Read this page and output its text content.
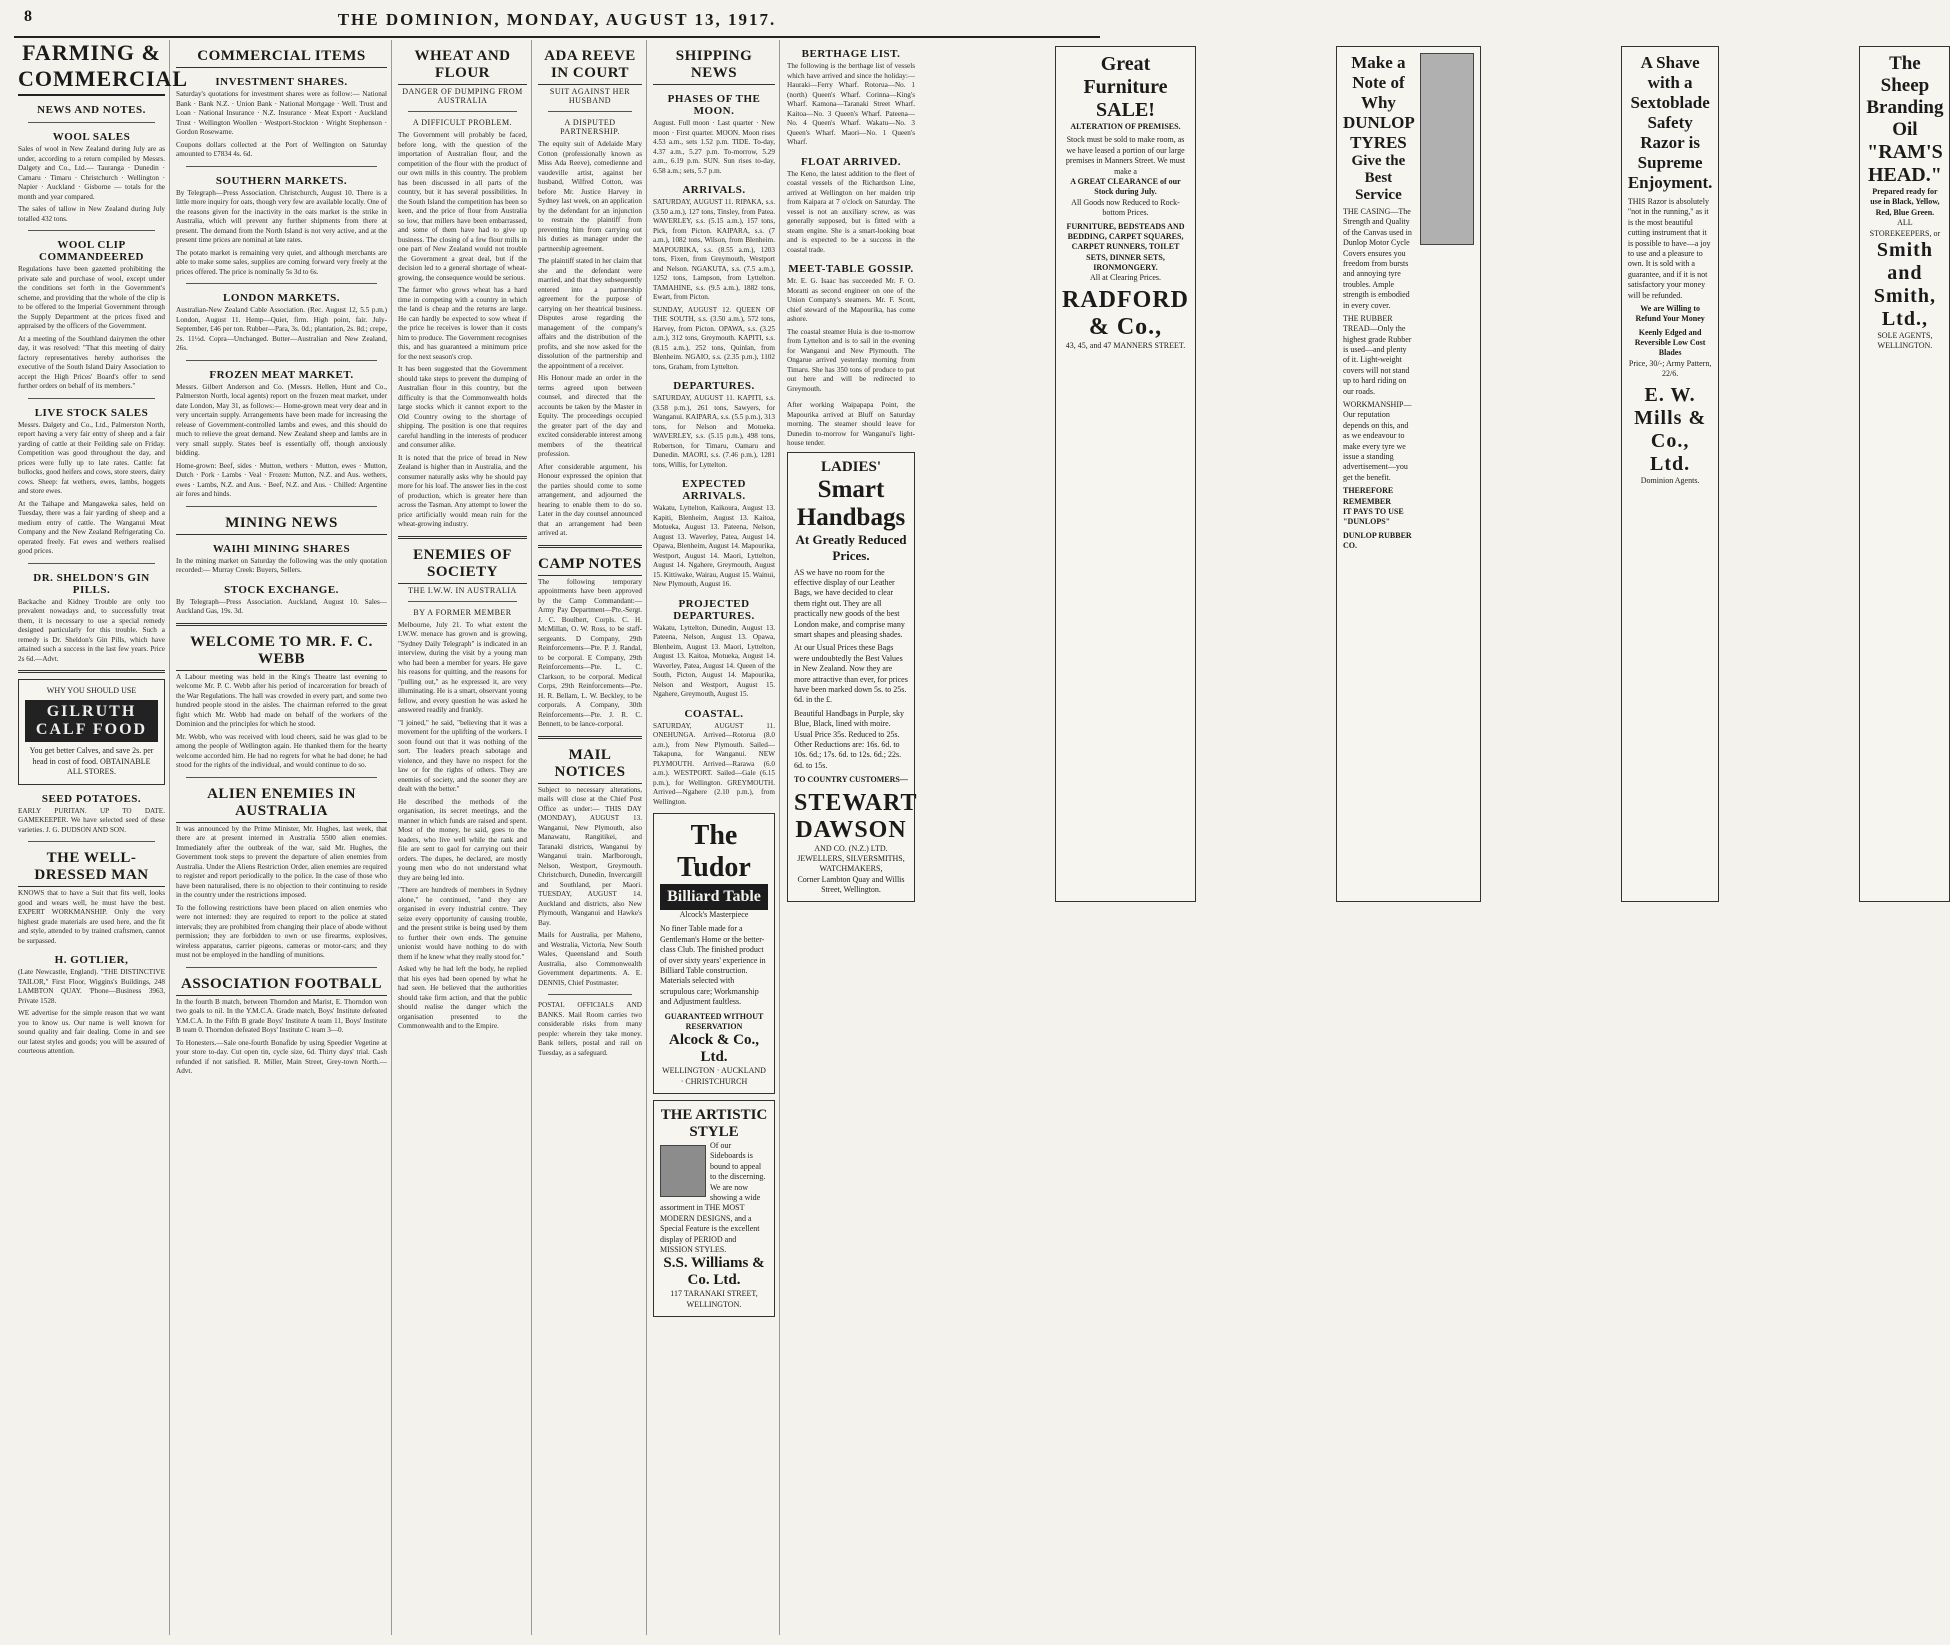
8	THE DOMINION, MONDAY, AUGUST 13, 1917.
FARMING & COMMERCIAL
NEWS AND NOTES.
WOOL SALES
Sales of wool in New Zealand during July are as under, according to a return compiled by Messrs. Dalgety and Co., Ltd.— Tauranga · Dunedin · Camaru · Timaru · Christchurch · Wellington · Napier · Auckland · Gisborne — totals for the month and year compared.
The sales of tallow in New Zealand during July totalled 432 tons.
WOOL CLIP COMMANDEERED
Regulations have been gazetted prohibiting the private sale and purchase of wool, except under the conditions set forth in the Government's scheme, and providing that the whole of the clip is to be offered to the Imperial Government through the Supply Department at the prices fixed and appraised by the officers of the Government.
At a meeting of the Southland dairymen the other day, it was resolved: "That this meeting of dairy factory representatives hereby authorises the executive of the South Island Dairy Association to accept the High Prices' Board's offer to send further orders on behalf of its members."
LIVE STOCK SALES
Messrs. Dalgety and Co., Ltd., Palmerston North, report having a very fair entry of sheep and a fair yarding of cattle at their Feilding sale on Friday. Competition was good throughout the day, and prices were fully up to late rates. Cattle: fat bullocks, good heifers and cows, store steers, dairy cows. Sheep: fat wethers, ewes, lambs, hoggets and store ewes.
At the Taihape and Mangaweka sales, held on Tuesday, there was a fair yarding of sheep and a medium entry of cattle. The Wanganui Meat Company and the New Zealand Refrigerating Co. operated freely. Fat ewes and wethers realised good prices.
DR. SHELDON'S GIN PILLS.
Backache and Kidney Trouble are only too prevalent nowadays and, to successfully treat them, it is necessary to use a special remedy designed particularly for this trouble. Such a remedy is Dr. Sheldon's Gin Pills, which have attained such a success in the last few years. Price 2s 6d.—Advt.
WHY YOU SHOULD USE
GILRUTH CALF FOOD
You get better Calves, and save 2s. per head in cost of food. OBTAINABLE ALL STORES.
SEED POTATOES.
EARLY PURITAN. UP TO DATE. GAMEKEEPER. We have selected seed of these varieties. J. G. DUDSON AND SON.
THE WELL-DRESSED MAN
KNOWS that to have a Suit that fits well, looks good and wears well, he must have the best. EXPERT WORKMANSHIP. Only the very highest grade materials are used here, and the fit and style, attended to by trained craftsmen, cannot be surpassed.
H. GOTLIER,
(Late Newcastle, England). "THE DISTINCTIVE TAILOR," First Floor, Wiggins's Buildings, 248 LAMBTON QUAY. 'Phone—Business 3963, Private 1528.
WE advertise for the simple reason that we want you to know us. Our name is well known for sound quality and fair dealing. Come in and see our latest styles and goods; you will be assured of courteous attention.
COMMERCIAL ITEMS
INVESTMENT SHARES.
Saturday's quotations for investment shares were as follow:— National Bank · Bank N.Z. · Union Bank · National Mortgage · Well. Trust and Loan · National Insurance · N.Z. Insurance · Meat Export · Auckland Trust · Wellington Woollen · Westport-Stockton · Wright Stephenson · Gordon Rosewarne.
Coupons dollars collected at the Port of Wellington on Saturday amounted to £7834 4s. 6d.
SOUTHERN MARKETS.
By Telegraph—Press Association. Christchurch, August 10. There is a little more inquiry for oats, though very few are available locally. One of the reasons given for the inactivity in the oats market is the strike in Australia, which will prevent any further shipments from there at present. The demand from the North Island is not very active, and at the present time prices are nominal at late rates.
The potato market is remaining very quiet, and although merchants are able to make some sales, supplies are coming forward very freely at the prices offered. The price is nominally 5s 3d to 6s.
LONDON MARKETS.
Australian-New Zealand Cable Association. (Rec. August 12, 5.5 p.m.) London, August 11. Hemp—Quiet, firm. High point, fair. July-September, £46 per ton. Rubber—Para, 3s. 0d.; plantation, 2s. 8d.; crepe, 2s. 11½d. Copra—Unchanged. Butter—Australian and New Zealand, 26s.
FROZEN MEAT MARKET.
Messrs. Gilbert Anderson and Co. (Messrs. Hellen, Hunt and Co., Palmerston North, local agents) report on the frozen meat market, under date London, May 31, as follows:— Home-grown meat very dear and in very uncertain supply. Arrangements have been made for increasing the release of Government-controlled lambs and ewes, and this should do much to relieve the great demand. New Zealand sheep and lambs are in very small supply. States beef is essentially off, though anxiously bidding.
Home-grown: Beef, sides · Mutton, wethers · Mutton, ewes · Mutton, Dutch · Pork · Lambs · Veal · Frozen: Mutton, N.Z. and Aus. wethers, ewes · Lambs, N.Z. and Aus. · Beef, N.Z. and Aus. · Chilled: Argentine air fores and hinds.
MINING NEWS
WAIHI MINING SHARES
In the mining market on Saturday the following was the only quotation recorded:— Murray Creek: Buyers, Sellers.
STOCK EXCHANGE.
By Telegraph—Press Association. Auckland, August 10. Sales—Auckland Gas, 19s. 3d.
WELCOME TO MR. F. C. WEBB
A Labour meeting was held in the King's Theatre last evening to welcome Mr. P. C. Webb after his period of incarceration for breach of the War Regulations. The hall was crowded in every part, and some two hundred people stood in the aisles. The chairman referred to the great fight which Mr. Webb had made on behalf of the workers of the Dominion and the principles for which he stood.
Mr. Webb, who was received with loud cheers, said he was glad to be among the people of Wellington again. He thanked them for the hearty welcome accorded him. He had no regrets for what he had done; he had stood for the rights of the individual, and would continue to do so.
ALIEN ENEMIES IN AUSTRALIA
It was announced by the Prime Minister, Mr. Hughes, last week, that there are at present interned in Australia 5500 alien enemies. Immediately after the outbreak of the war, said Mr. Hughes, the Government took steps to prevent the departure of alien enemies from Australia. Under the Aliens Restriction Order, alien enemies are required to register and report periodically to the police. In the case of those who have been naturalised, there is no objection to their continuing to reside in the country under the restrictions imposed.
To the following restrictions have been placed on alien enemies who were not interned: they are required to report to the police at stated intervals; they are prohibited from changing their place of abode without permission; they are forbidden to own or use firearms, explosives, wireless apparatus, carrier pigeons, cameras or motor-cars; and they must not be employed in the handling of munitions.
ASSOCIATION FOOTBALL
In the fourth B match, between Thorndon and Marist, E. Thorndon won two goals to nil. In the Y.M.C.A. Grade match, Boys' Institute defeated Y.M.C.A. In the Fifth B grade Boys' Institute A team 11, Boys' Institute B team 0. Thorndon defeated Boys' Institute C team 3—0.
To Honesters.—Sale one-fourth Bonafide by using Speedier Vegetine at your store to-day. Cut open tin, cycle size, 6d. Thirty days' trial. Cash refunded if not satisfied. R. Miller, Main Street, Grey-town North.—Advt.
WHEAT AND FLOUR
DANGER OF DUMPING FROM AUSTRALIA
A DIFFICULT PROBLEM.
The Government will probably be faced, before long, with the question of the importation of Australian flour, and the competition of the flour with the product of our own mills in this country. The problem has been discussed in all parts of the country, but it has several possibilities. In the South Island the competition has been so keen, and the price of flour from Australia so low, that millers have been embarrassed, and some of them have had to give up business. The closing of a few flour mills in one part of New Zealand would not trouble the Government a great deal, but if the decision led to a general shortage of wheat-growing, the consequence would be serious.
The farmer who grows wheat has a hard time in competing with a country in which the land is cheap and the returns are large. He can hardly be expected to sow wheat if the price he receives is lower than it costs him to produce. The Government recognises this, and has guaranteed a minimum price for the next season's crop.
It has been suggested that the Government should take steps to prevent the dumping of Australian flour in this country, but the difficulty is that the Commonwealth holds large stocks which it cannot export to the Old Country owing to the shortage of shipping. The position is one that requires careful handling in the interests of producer and consumer alike.
It is noted that the price of bread in New Zealand is higher than in Australia, and the consumer naturally asks why he should pay more for his loaf. The answer lies in the cost of production, which is greater here than across the Tasman. Any attempt to lower the price artificially would mean ruin for the wheat-growing industry.
ENEMIES OF SOCIETY
THE I.W.W. IN AUSTRALIA
BY A FORMER MEMBER
Melbourne, July 21. To what extent the I.W.W. menace has grown and is growing, "Sydney Daily Telegraph" is indicated in an interview, during the visit by a young man who had been a member for years. He gave his reasons for quitting, and the reasons for "pulling out," as he expressed it, are very illuminating. He is a smart, observant young fellow, and every question he was asked he answered readily and frankly.
"I joined," he said, "believing that it was a movement for the uplifting of the workers. I soon found out that it was nothing of the sort. The leaders preach sabotage and violence, and they have no respect for the law or for the rights of others. They are enemies of society, and the sooner they are dealt with the better."
He described the methods of the organisation, its secret meetings, and the manner in which funds are raised and spent. Most of the money, he said, goes to the leaders, who live well while the rank and file are sent to gaol for carrying out their orders. The dupes, he declared, are mostly young men who do not understand what they are being led into.
"There are hundreds of members in Sydney alone," he continued, "and they are organised in every industrial centre. They seize every opportunity of causing trouble, and the present strike is being used by them to further their own ends. The genuine unionist would have nothing to do with them if he knew what they really stood for."
Asked why he had left the body, he replied that his eyes had been opened by what he had seen. He believed that the authorities should take firm action, and that the public should realise the danger which the organisation presented to the Commonwealth and to the Empire.
ADA REEVE IN COURT
SUIT AGAINST HER HUSBAND
A DISPUTED PARTNERSHIP.
The equity suit of Adelaide Mary Cotton (professionally known as Miss Ada Reeve), comedienne and vaudeville artist, against her husband, Wilfred Cotton, was before Mr. Justice Harvey in Sydney last week, on an application by the defendant for an injunction to restrain the plaintiff from preventing him from carrying out his duties as manager under the partnership agreement.
The plaintiff stated in her claim that she and the defendant were married, and that they subsequently entered into a partnership agreement for the purpose of carrying on her theatrical business. Disputes arose regarding the management of the company's affairs and the distribution of the profits, and she now asked for the dissolution of the partnership and the appointment of a receiver.
His Honour made an order in the terms agreed upon between counsel, and directed that the accounts be taken by the Master in Equity. The proceedings occupied the greater part of the day and excited considerable interest among members of the theatrical profession.
After considerable argument, his Honour expressed the opinion that the parties should come to some arrangement, and adjourned the hearing to enable them to do so. Later in the day counsel announced that an arrangement had been arrived at.
CAMP NOTES
The following temporary appointments have been approved by the Camp Commandant:— Army Pay Department—Pte.-Sergt. J. C. Boulbert, Corpls. C. H. McMillan, O. W. Ross, to be staff-sergeants. D Company, 29th Reinforcements—Pte. P. J. Randal, to be corporal. E Company, 29th Reinforcements—Pte. L. C. Clarkson, to be corporal. Medical Corps, 29th Reinforcements—Pte. H. R. Bellam, L. W. Beckley, to be corporals. A Company, 30th Reinforcements—Pte. J. R. C. Bennett, to be lance-corporal.
MAIL NOTICES
Subject to necessary alterations, mails will close at the Chief Post Office as under:— THIS DAY (MONDAY), AUGUST 13. Wanganui, New Plymouth, also Manawatu, Rangitikei, and Taranaki districts, Wanganui by Wanganui train. Marlborough, Nelson, Westport, Greymouth. Christchurch, Dunedin, Invercargill and Southland, per Maori. TUESDAY, AUGUST 14. Auckland and districts, also New Plymouth, Wanganui and Hawke's Bay.
Mails for Australia, per Maheno, and Westralia, Victoria, New South Wales, Queensland and South Australia, also Commonwealth Government departments. A. E. DENNIS, Chief Postmaster.
POSTAL OFFICIALS AND BANKS. Mail Room carries two considerable risks from many people: wherein they take money. Bank tellers, postal and rail on Tuesday, as a safeguard.
SHIPPING NEWS
PHASES OF THE MOON.
August. Full moon · Last quarter · New moon · First quarter. MOON. Moon rises 4.53 a.m., sets 1.52 p.m. TIDE. To-day, 4.37 a.m., 5.27 p.m. To-morrow, 5.29 a.m., 6.19 p.m. SUN. Sun rises to-day, 6.58 a.m.; sets, 5.7 p.m.
ARRIVALS.
SATURDAY, AUGUST 11. RIPAKA, s.s. (3.50 a.m.), 127 tons, Tinsley, from Patea. WAVERLEY, s.s. (5.15 a.m.), 157 tons, Pick, from Picton. KAIPARA, s.s. (7 a.m.), 1082 tons, Wilson, from Blenheim. MAPOURIKA, s.s. (8.55 a.m.), 1203 tons, Fixen, from Greymouth, Westport and Nelson. NGAKUTA, s.s. (7.5 a.m.), 1252 tons, Lampson, from Lyttelton. TAMAHINE, s.s. (9.5 a.m.), 1882 tons, Ewart, from Picton.
SUNDAY, AUGUST 12. QUEEN OF THE SOUTH, s.s. (3.50 a.m.), 572 tons, Harvey, from Picton. OPAWA, s.s. (3.25 a.m.), 312 tons, Greymouth. KAPITI, s.s. (8.15 a.m.), 252 tons, Quinlan, from Blenheim. NGAIO, s.s. (2.35 p.m.), 1102 tons, Graham, from Lyttelton.
DEPARTURES.
SATURDAY, AUGUST 11. KAPITI, s.s. (3.58 p.m.), 261 tons, Sawyers, for Wanganui. KAIPARA, s.s. (5.5 p.m.), 313 tons, for Nelson and Motueka. WAVERLEY, s.s. (5.15 p.m.), 498 tons, Robertson, for Timaru, Oamaru and Dunedin. MAORI, s.s. (7.46 p.m.), 1281 tons, Willis, for Lyttelton.
EXPECTED ARRIVALS.
Wakatu, Lyttelton, Kaikoura, August 13. Kapiti, Blenheim, August 13. Kaitoa, Motueka, August 13. Pateena, Nelson, August 13. Waverley, Patea, August 14. Opawa, Blenheim, August 14. Mapourika, Westport, August 14. Maori, Lyttelton, August 14. Ngahere, Greymouth, August 15. Kittiwake, Wairau, August 15. Wainui, New Plymouth, August 16.
PROJECTED DEPARTURES.
Wakatu, Lyttelton, Dunedin, August 13. Pateena, Nelson, August 13. Opawa, Blenheim, August 13. Maori, Lyttelton, August 13. Kaitoa, Motueka, August 14. Waverley, Patea, August 14. Queen of the South, Picton, August 14. Mapourika, Nelson and Westport, August 15. Ngahere, Greymouth, August 15.
COASTAL.
SATURDAY, AUGUST 11. ONEHUNGA. Arrived—Rotorua (8.0 a.m.), from New Plymouth. Sailed—Takapuna, for Wanganui. NEW PLYMOUTH. Arrived—Rarawa (6.0 a.m.). WESTPORT. Sailed—Gale (6.15 p.m.), for Wellington. GREYMOUTH. Arrived—Ngahere (2.10 p.m.), from Wellington.
The Tudor
Billiard Table
Alcock's Masterpiece
No finer Table made for a Gentleman's Home or the better-class Club. The finished product of over sixty years' experience in Billiard Table construction. Materials selected with scrupulous care; Workmanship and Adjustment faultless.
GUARANTEED WITHOUT RESERVATION
Alcock & Co., Ltd.
WELLINGTON · AUCKLAND · CHRISTCHURCH
THE ARTISTIC STYLE
Of our Sideboards is bound to appeal to the discerning. We are now showing a wide assortment in THE MOST MODERN DESIGNS, and a Special Feature is the excellent display of PERIOD and MISSION STYLES.
S.S. Williams & Co. Ltd.
117 TARANAKI STREET, WELLINGTON.
BERTHAGE LIST.
The following is the berthage list of vessels which have arrived and since the holiday:— Hauraki—Ferry Wharf. Rotorua—No. 1 (north) Queen's Wharf. Corinna—King's Wharf. Kamona—Taranaki Street Wharf. Kaitoa—No. 3 Queen's Wharf. Pateena—No. 4 Queen's Wharf. Wakatu—No. 3 Queen's Wharf. Maori—No. 1 Queen's Wharf.
FLOAT ARRIVED.
The Keno, the latest addition to the fleet of coastal vessels of the Richardson Line, arrived at Wellington on her maiden trip from Kaipara at 7 o'clock on Saturday. The vessel is not an auxiliary screw, as was generally supposed, but is fitted with a steam engine. She is a smart-looking boat and is expected to be a success in the coastal trade.
MEET-TABLE GOSSIP.
Mr. E. G. Isaac has succeeded Mr. F. O. Moratti as second engineer on one of the Union Company's steamers. Mr. F. Scott, chief steward of the Mapourika, has come ashore.
The coastal steamer Huia is due to-morrow from Lyttelton and is to sail in the evening for Wanganui and New Plymouth. The Ongarue arrived yesterday morning from Timaru. She has 350 tons of produce to put out here and will be redirected to Greymouth.

After working Waipapapa Point, the Mapourika arrived at Bluff on Saturday morning. The steamer should leave for Dunedin to-morrow for Wanganui's light-house tender.
LADIES'
Smart Handbags
At Greatly Reduced Prices.
AS we have no room for the effective display of our Leather Bags, we have decided to clear them right out. They are all practically new goods of the best London make, and comprise many smart shapes and pleasing shades.
At our Usual Prices these Bags were undoubtedly the Best Values in New Zealand. Now they are more attractive than ever, for prices have been marked down 5s. to 25s. 6d. in the £.
Beautiful Handbags in Purple, sky Blue, Black, lined with moire. Usual Price 35s. Reduced to 25s. Other Reductions are: 16s. 6d. to 10s. 6d.; 17s. 6d. to 12s. 6d.; 22s. 6d. to 15s.
TO COUNTRY CUSTOMERS—
STEWART DAWSON
AND CO. (N.Z.) LTD.
JEWELLERS, SILVERSMITHS, WATCHMAKERS,
Corner Lambton Quay and Willis Street, Wellington.
Great Furniture SALE!
ALTERATION OF PREMISES.
Stock must be sold to make room, as we have leased a portion of our large premises in Manners Street. We must make a
A GREAT CLEARANCE of our Stock during July.
All Goods now Reduced to Rock-bottom Prices.
FURNITURE, BEDSTEADS AND BEDDING, CARPET SQUARES, CARPET RUNNERS, TOILET SETS, DINNER SETS, IRONMONGERY.
All at Clearing Prices.
RADFORD & Co.,
43, 45, and 47 MANNERS STREET.
Make a Note of Why DUNLOP TYRES
Give the Best Service
THE CASING—The Strength and Quality of the Canvas used in Dunlop Motor Cycle Covers ensures you freedom from bursts and annoying tyre troubles. Ample strength is embodied in every cover.
THE RUBBER TREAD—Only the highest grade Rubber is used—and plenty of it. Light-weight covers will not stand up to hard riding on our roads.
WORKMANSHIP—Our reputation depends on this, and as we endeavour to make every tyre we issue a standing advertisement—you get the benefit.
THEREFORE REMEMBER
IT PAYS TO USE "DUNLOPS"
DUNLOP RUBBER CO.
A Shave with a Sextoblade Safety Razor is Supreme Enjoyment.
THIS Razor is absolutely "not in the running," as it is the most beautiful cutting instrument that it is possible to have—a joy to use and a pleasure to own. It is sold with a guarantee, and if it is not satisfactory your money will be refunded.
We are Willing to Refund Your Money
Keenly Edged and Reversible Low Cost Blades
Price, 30/-; Army Pattern, 22/6.
E. W. Mills & Co., Ltd.
Dominion Agents.
The Sheep Branding Oil
"RAM'S HEAD."
Prepared ready for use in Black, Yellow, Red, Blue Green.
ALL STOREKEEPERS, or
Smith and Smith, Ltd.,
SOLE AGENTS, WELLINGTON.
